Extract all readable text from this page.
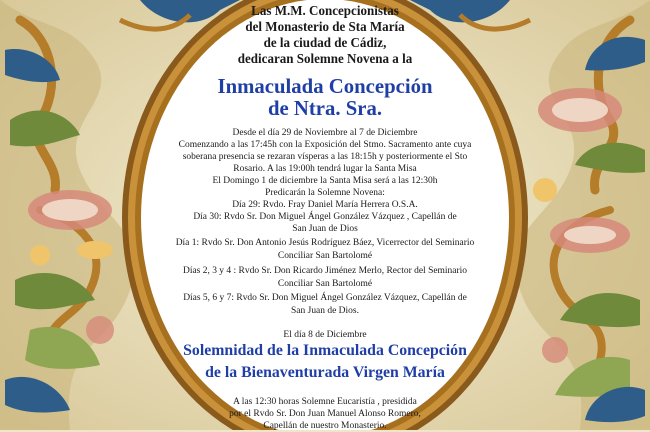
Las M.M. Concepcionistas

del Monasterio de Sta María

de la ciudad de Cádiz,

dedicaran Solemne Novena a la

Inmaculada Concepción

de Ntra. Sra.

Desde el día 29 de Noviembre al 7 de Diciembre

Comenzando a las 17:45h con la Exposición del Stmo. Sacramento ante cuya

soberana presencia se rezaran vísperas a las 18:15h y posteriormente el Sto

Rosario. A las 19:00h tendrá lugar la Santa Misa

El Domingo 1 de diciembre la Santa Misa será a las 12:30h

Predicarán la Solemne Novena:

Día 29: Rvdo. Fray Daniel María Herrera O.S.A.

Día 30: Rvdo Sr. Don Miguel Ángel González Vázquez , Capellán de

San Juan de Dios

Día 1: Rvdo Sr. Don Antonio Jesús Rodríguez Báez, Vicerrector del Seminario

Conciliar San Bartolomé

Días 2, 3 y 4 : Rvdo Sr. Don Ricardo Jiménez Merlo, Rector del Seminario

Conciliar San Bartolomé

Días 5, 6 y 7: Rvdo Sr. Don Miguel Ángel González Vázquez, Capellán de

San Juan de Dios.

El día 8 de Diciembre

Solemnidad de la Inmaculada Concepción

de la Bienaventurada Virgen María

A las 12:30 horas Solemne Eucaristía , presidida

por el Rvdo Sr. Don Juan Manuel Alonso Romero,

Capellán de nuestro Monasterio.
